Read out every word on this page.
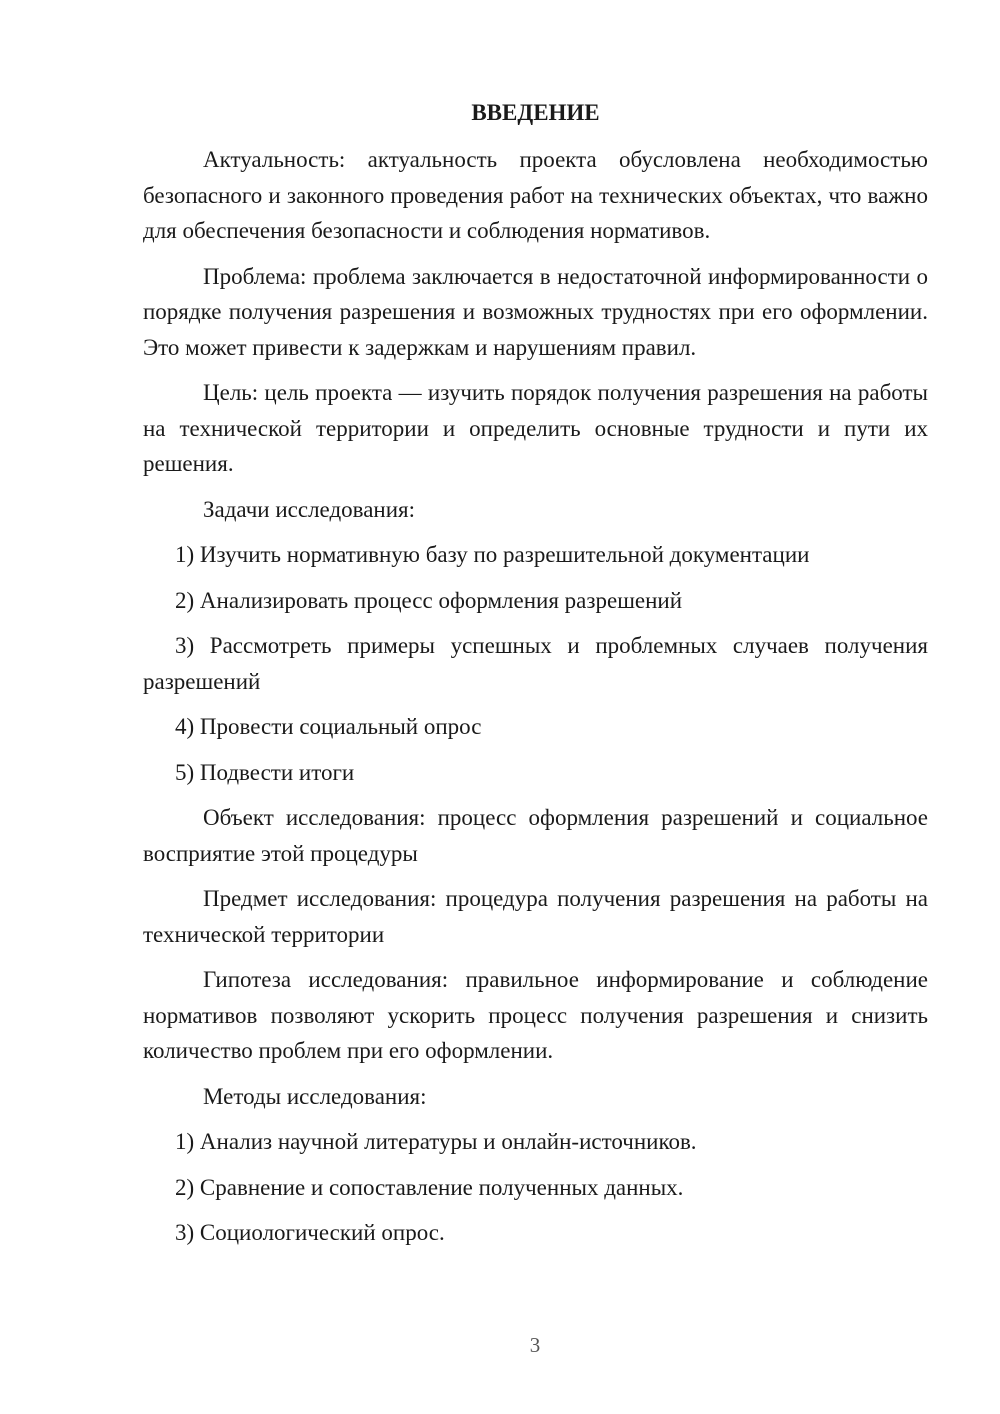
ВВЕДЕНИЕ

Актуальность: актуальность проекта обусловлена необходимостью безопасного и законного проведения работ на технических объектах, что важно для обеспечения безопасности и соблюдения нормативов.

Проблема: проблема заключается в недостаточной информированности о порядке получения разрешения и возможных трудностях при его оформлении. Это может привести к задержкам и нарушениям правил.

Цель: цель проекта — изучить порядок получения разрешения на работы на технической территории и определить основные трудности и пути их решения.

Задачи исследования:

1) Изучить нормативную базу по разрешительной документации

2) Анализировать процесс оформления разрешений

3) Рассмотреть примеры успешных и проблемных случаев получения разрешений

4) Провести социальный опрос

5) Подвести итоги

Объект исследования: процесс оформления разрешений и социальное восприятие этой процедуры

Предмет исследования: процедура получения разрешения на работы на технической территории

Гипотеза исследования: правильное информирование и соблюдение нормативов позволяют ускорить процесс получения разрешения и снизить количество проблем при его оформлении.

Методы исследования:

1) Анализ научной литературы и онлайн-источников.

2) Сравнение и сопоставление полученных данных.

3) Социологический опрос.

3
